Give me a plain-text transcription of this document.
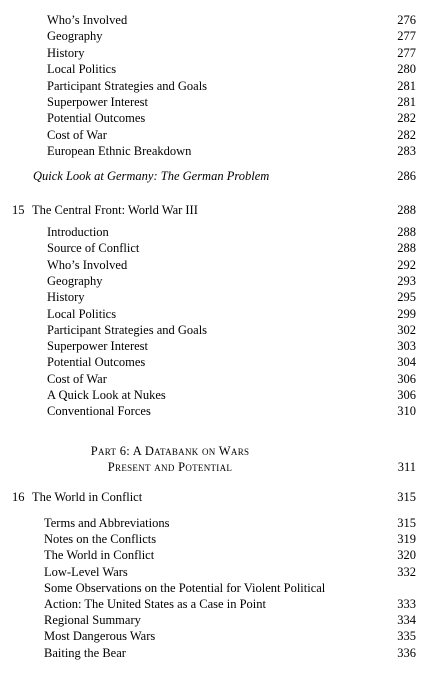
Who’s Involved	276
Geography	277
History	277
Local Politics	280
Participant Strategies and Goals	281
Superpower Interest	281
Potential Outcomes	282
Cost of War	282
European Ethnic Breakdown	283
Quick Look at Germany: The German Problem	286
15 The Central Front: World War III	288
Introduction	288
Source of Conflict	288
Who’s Involved	292
Geography	293
History	295
Local Politics	299
Participant Strategies and Goals	302
Superpower Interest	303
Potential Outcomes	304
Cost of War	306
A Quick Look at Nukes	306
Conventional Forces	310
Part 6: A Databank on Wars
Present and Potential	311
16 The World in Conflict	315
Terms and Abbreviations	315
Notes on the Conflicts	319
The World in Conflict	320
Low-Level Wars	332
Some Observations on the Potential for Violent Political
Action: The United States as a Case in Point	333
Regional Summary	334
Most Dangerous Wars	335
Baiting the Bear	336
